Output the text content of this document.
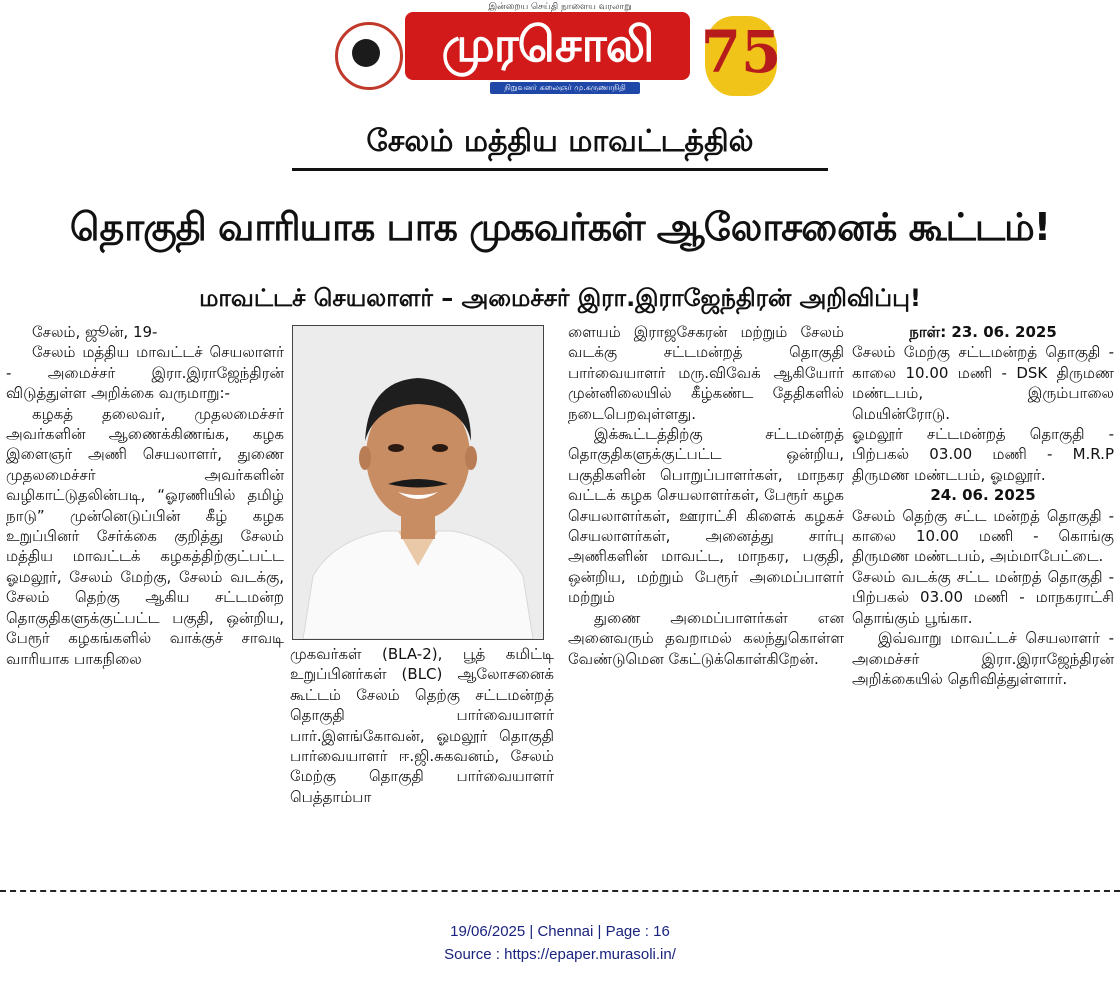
இன்றைய செய்தி நாளைய வரலாறு
முரசொலி
நிறுவனர் கலைஞர் மு.கருணாநிதி
75
சேலம் மத்திய மாவட்டத்தில்
தொகுதி வாரியாக பாக முகவர்கள் ஆலோசனைக் கூட்டம்!
மாவட்டச் செயலாளர் – அமைச்சர் இரா.இராஜேந்திரன் அறிவிப்பு!

சேலம், ஜூன், 19-

சேலம் மத்திய மாவட்டச் செயலாளர் - அமைச்சர் இரா.இராஜேந்திரன் விடுத்துள்ள அறிக்கை வருமாறு:-

கழகத் தலைவர், முதலமைச்சர் அவர்களின் ஆணைக்கிணங்க, கழக இளைஞர் அணி செயலாளர், துணை முதலமைச்சர் அவர்களின் வழிகாட்டுதலின்படி, “ஓரணியில் தமிழ் நாடு” முன்னெடுப்பின் கீழ் கழக உறுப்பினர் சேர்க்கை குறித்து சேலம் மத்திய மாவட்டக் கழகத்திற்குட்பட்ட ஓமலூர், சேலம் மேற்கு, சேலம் வடக்கு, சேலம் தெற்கு ஆகிய சட்டமன்ற தொகுதிகளுக்குட்பட்ட பகுதி, ஒன்றிய, பேரூர் கழகங்களில் வாக்குச் சாவடி வாரியாக பாகநிலை	முகவர்கள் (BLA-2), பூத் கமிட்டி உறுப்பினர்கள் (BLC) ஆலோசனைக் கூட்டம் சேலம் தெற்கு சட்டமன்றத் தொகுதி பார்வையாளர் பார்.இளங்கோவன், ஓமலூர் தொகுதி பார்வையாளர் ஈ.ஜி.சுகவனம், சேலம் மேற்கு தொகுதி பார்வையாளர் பெத்தாம்பா

ளையம் இராஜசேகரன் மற்றும் சேலம் வடக்கு சட்டமன்றத் தொகுதி பார்வையாளர் மரு.விவேக் ஆகியோர் முன்னிலையில் கீழ்கண்ட தேதிகளில் நடைபெறவுள்ளது.

இக்கூட்டத்திற்கு சட்டமன்றத் தொகுதிகளுக்குட்பட்ட ஒன்றிய, பகுதிகளின் பொறுப்பாளர்கள், மாநகர வட்டக் கழக செயலாளர்கள், பேரூர் கழக செயலாளர்கள், ஊராட்சி கிளைக் கழகச் செயலாளர்கள், அனைத்து சார்பு அணிகளின் மாவட்ட, மாநகர, பகுதி, ஒன்றிய, மற்றும் பேரூர் அமைப்பாளர் மற்றும்

துணை அமைப்பாளர்கள் என அனைவரும் தவறாமல் கலந்துகொள்ள வேண்டுமென கேட்டுக்கொள்கிறேன்.

நாள்: 23. 06. 2025

சேலம் மேற்கு சட்டமன்றத் தொகுதி - காலை 10.00 மணி - DSK திருமண மண்டபம், இரும்பாலை மெயின்ரோடு.

ஓமலூர் சட்டமன்றத் தொகுதி - பிற்பகல் 03.00 மணி - M.R.P திருமண மண்டபம், ஓமலூர்.

24. 06. 2025

சேலம் தெற்கு சட்ட மன்றத் தொகுதி - காலை 10.00 மணி - கொங்கு திருமண மண்டபம், அம்மாபேட்டை.

சேலம் வடக்கு சட்ட மன்றத் தொகுதி - பிற்பகல் 03.00 மணி - மாநகராட்சி தொங்கும் பூங்கா.

இவ்வாறு மாவட்டச் செயலாளர் - அமைச்சர் இரா.இராஜேந்திரன் அறிக்கையில் தெரிவித்துள்ளார்.

19/06/2025 | Chennai | Page : 16
Source : https://epaper.murasoli.in/
